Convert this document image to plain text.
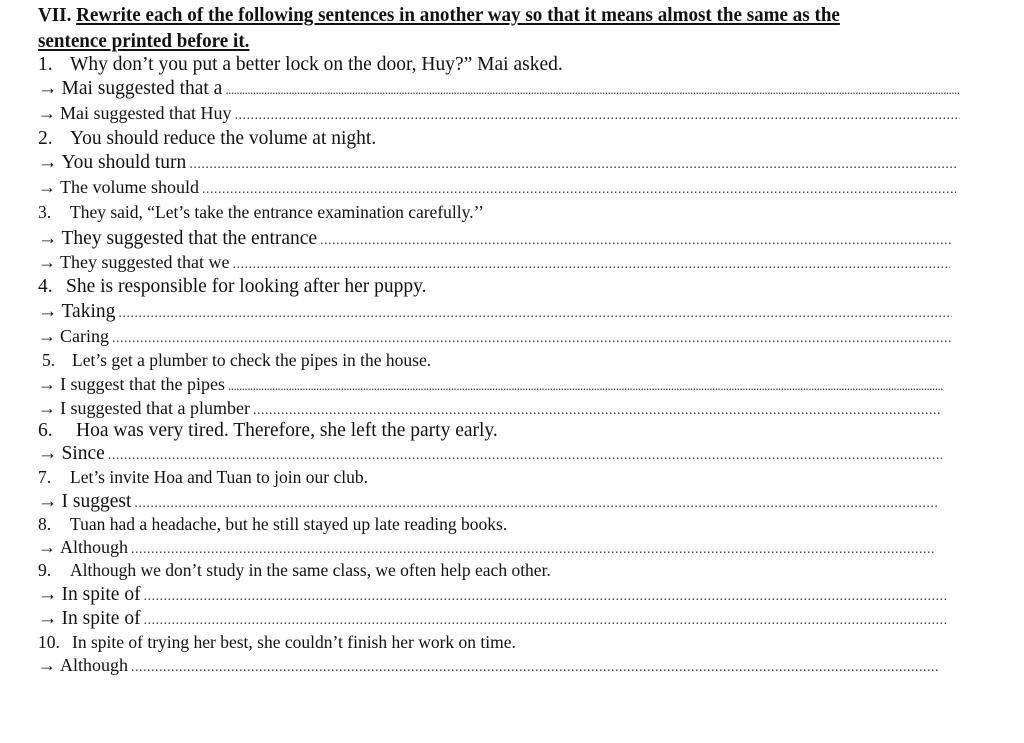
VII. Rewrite each of the following sentences in another way so that it means almost the same as the sentence printed before it.
1. Why don’t you put a better lock on the door, Huy?” Mai asked.
→ Mai suggested that a
.....
→ Mai suggested that Huy
.....
2. You should reduce the volume at night.
→ You should turn
.....
→ The volume should
.....
3.	They said, “Let’s take the entrance examination carefully.’’
→ They suggested that the entrance
.....
→ They suggested that we
.....
4. She is responsible for looking after her puppy.
→ Taking
.....
→ Caring
.....
5. Let’s get a plumber to check the pipes in the house.
→ I suggest that the pipes
.....
→ I suggested that a plumber
.....
6.	Hoa was very tired. Therefore, she left the party early.
→ Since
.....
7.	Let’s invite Hoa and Tuan to join our club.
→ I suggest
.....
8.	Tuan had a headache, but he still stayed up late reading books.
→ Although
.....
9.	Although we don’t study in the same class, we often help each other.
→ In spite of
.....
→ In spite of
.....
10. In spite of trying her best, she couldn’t finish her work on time.
→ Although
.....
